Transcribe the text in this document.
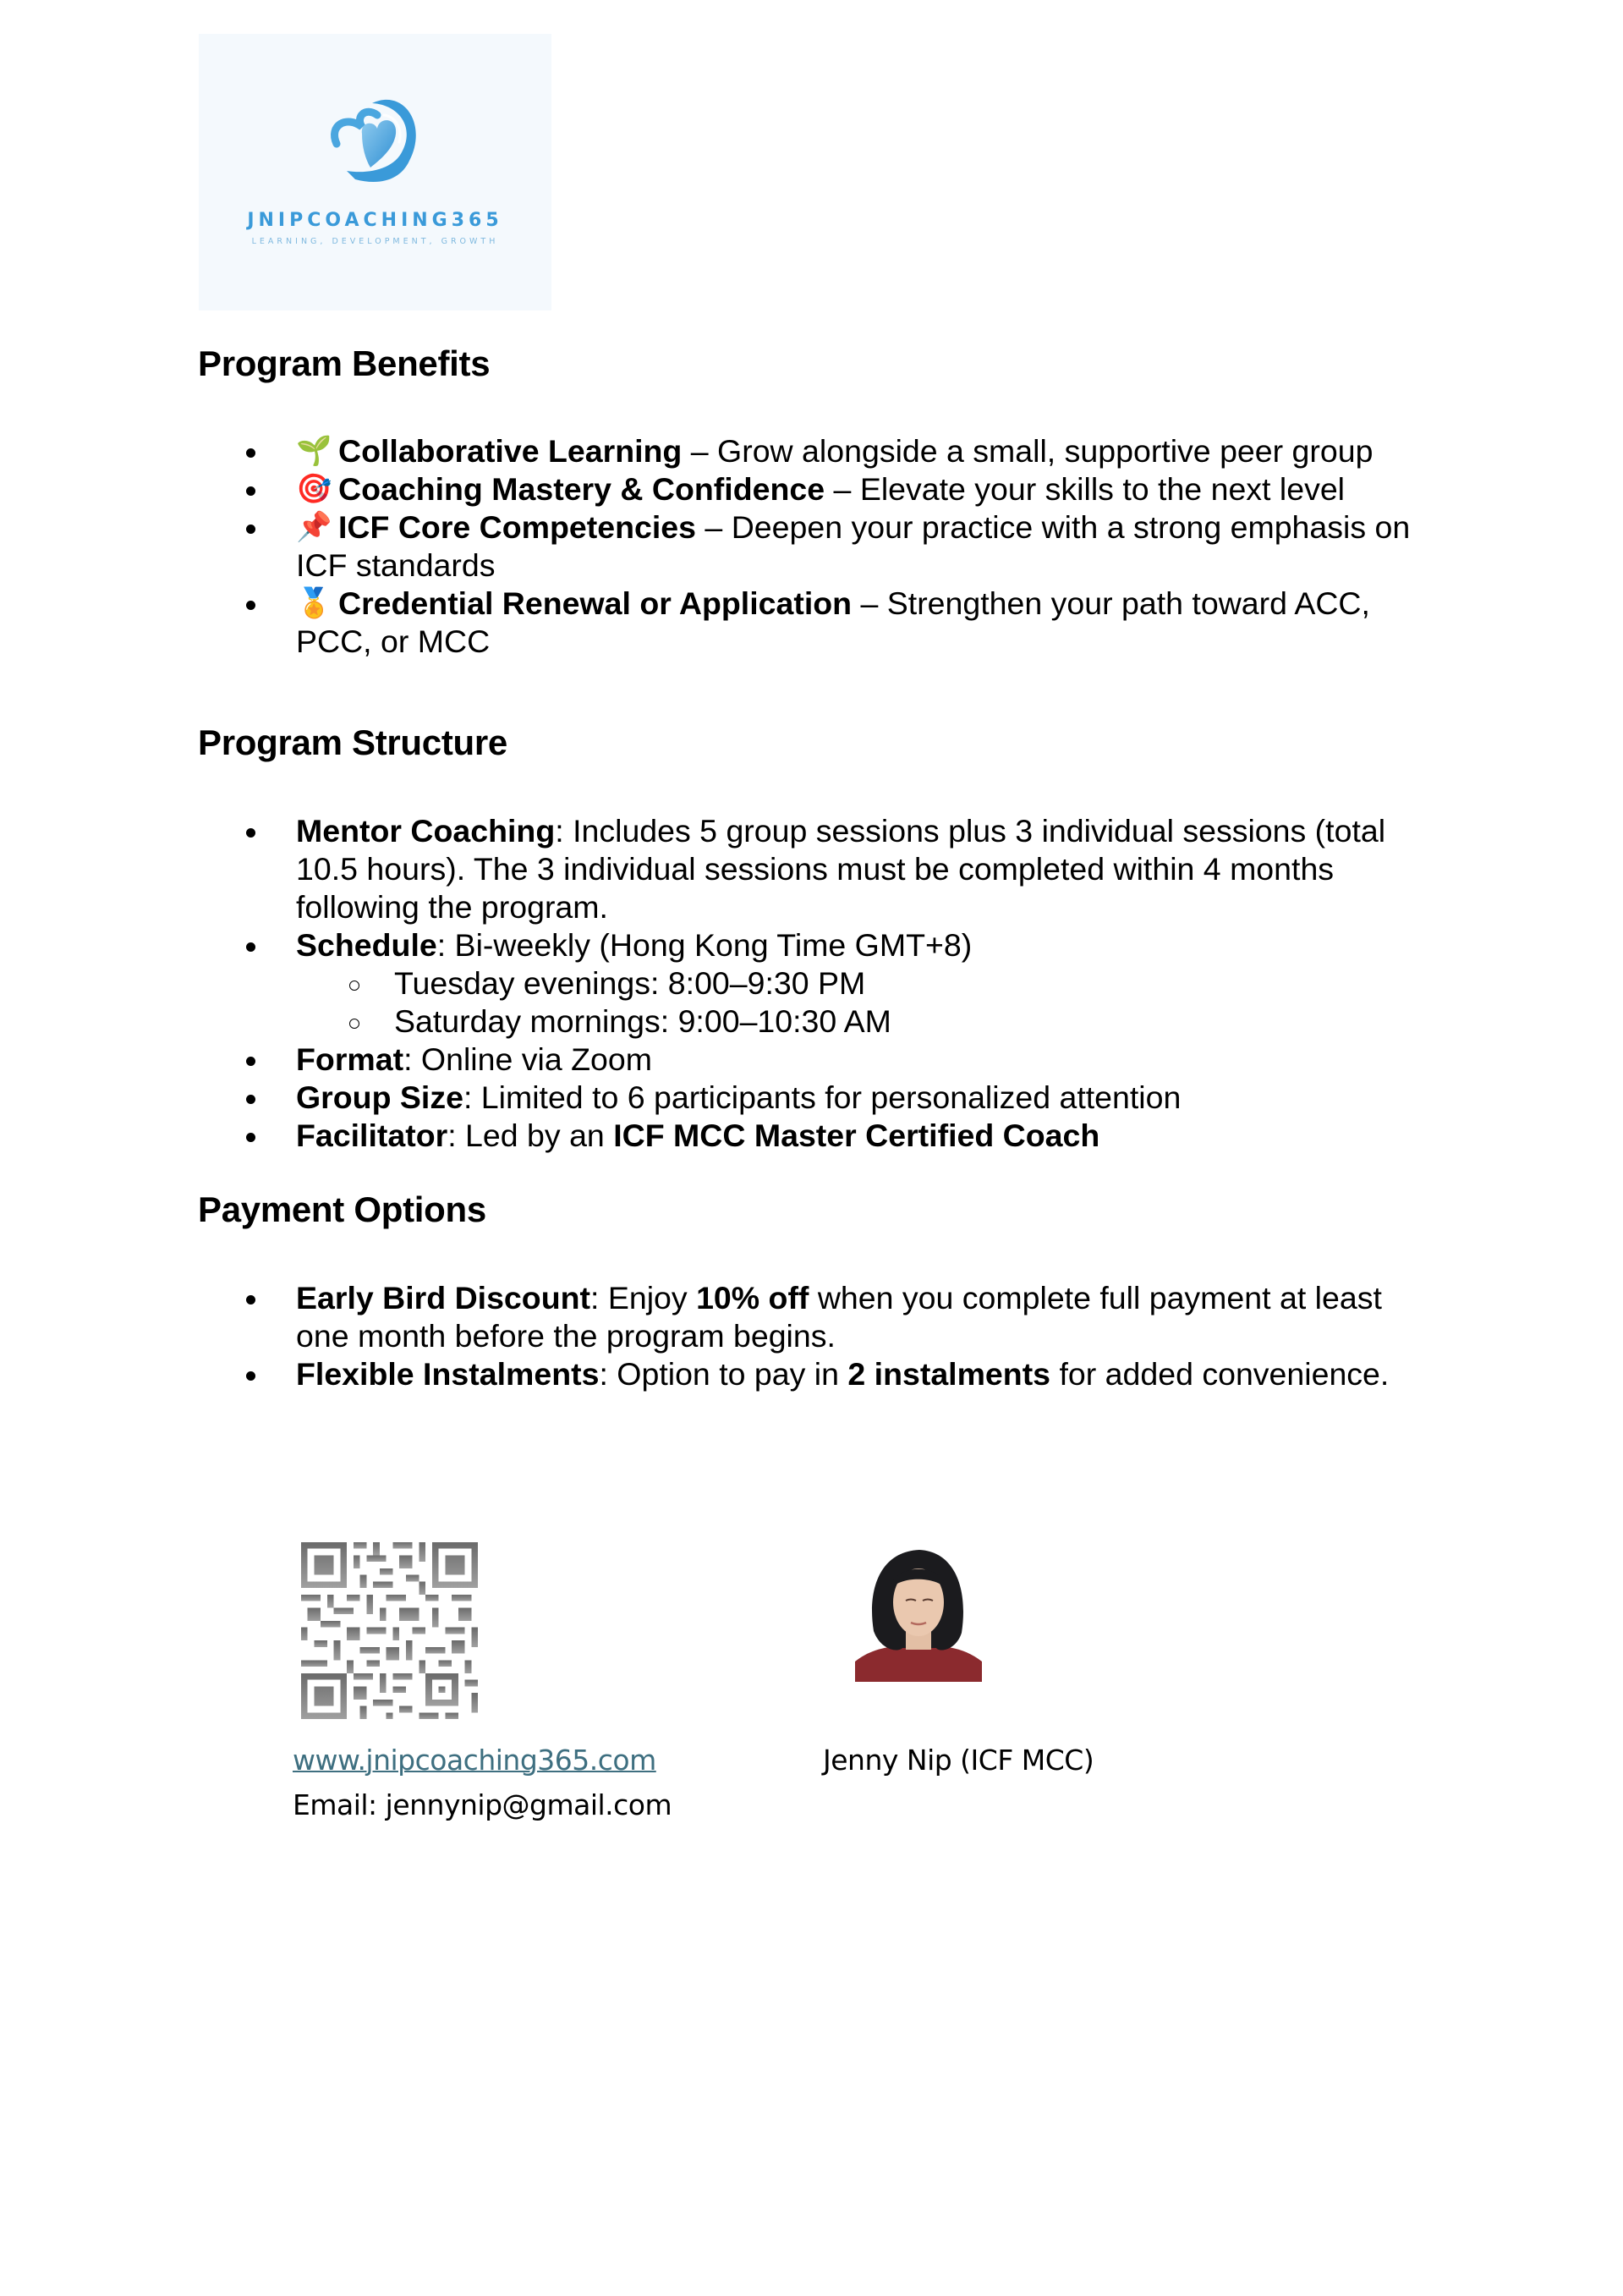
JNIPCOACHING365
LEARNING, DEVELOPMENT, GROWTH
Program Benefits
🌱 Collaborative Learning – Grow alongside a small, supportive peer group
🎯 Coaching Mastery & Confidence – Elevate your skills to the next level
📌 ICF Core Competencies – Deepen your practice with a strong emphasis on ICF standards
🏅 Credential Renewal or Application – Strengthen your path toward ACC, PCC, or MCC
Program Structure
Mentor Coaching: Includes 5 group sessions plus 3 individual sessions (total 10.5 hours). The 3 individual sessions must be completed within 4 months following the program.
Schedule: Bi-weekly (Hong Kong Time GMT+8)
Tuesday evenings: 8:00–9:30 PM
Saturday mornings: 9:00–10:30 AM
Format: Online via Zoom
Group Size: Limited to 6 participants for personalized attention
Facilitator: Led by an ICF MCC Master Certified Coach
Payment Options
Early Bird Discount: Enjoy 10% off when you complete full payment at least one month before the program begins.
Flexible Instalments: Option to pay in 2 instalments for added convenience.
www.jnipcoaching365.com
Email: jennynip@gmail.com
Jenny Nip (ICF MCC)
